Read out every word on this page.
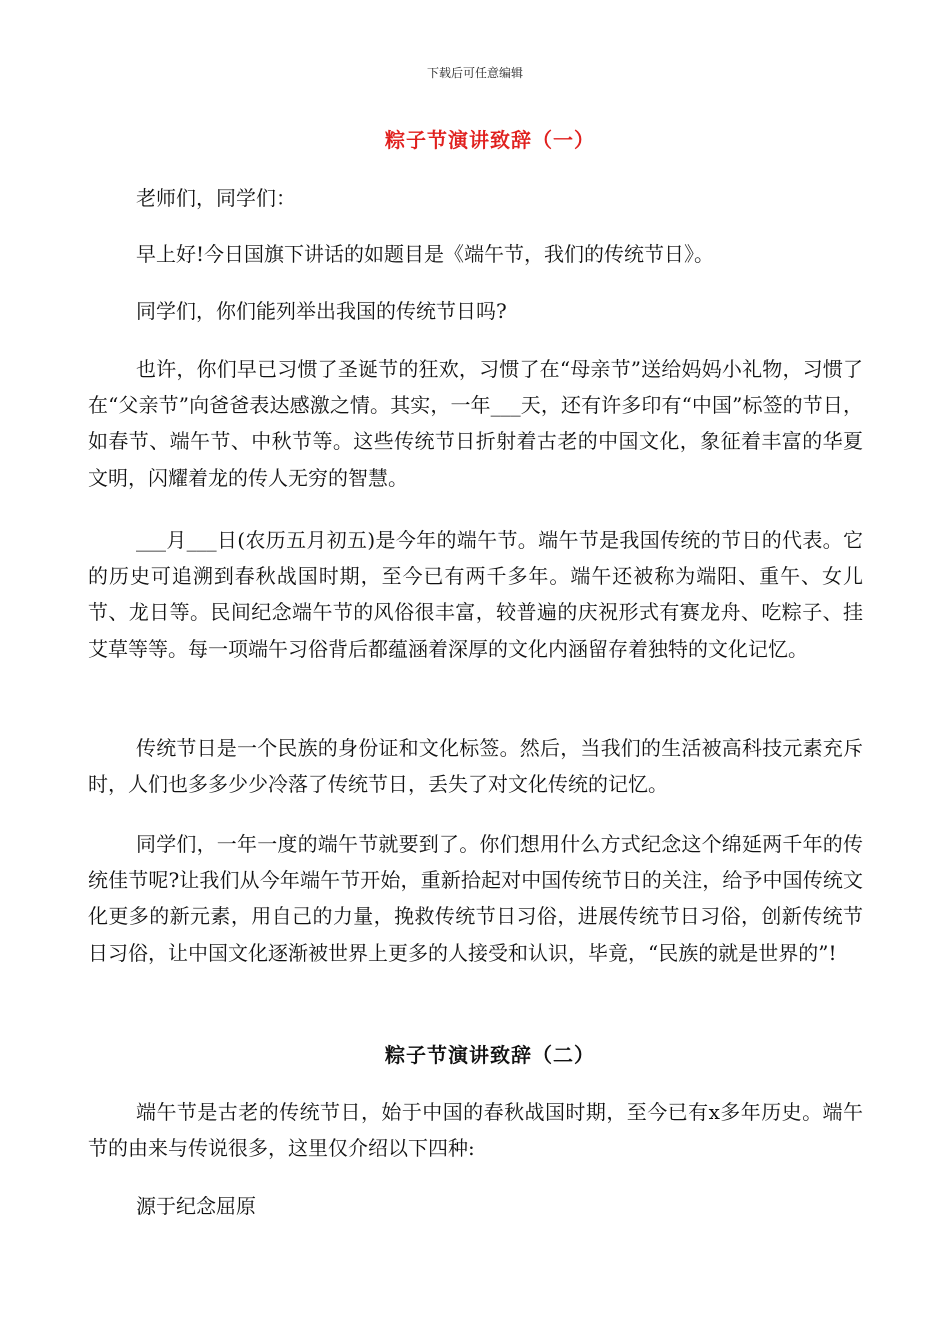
下载后可任意编辑
粽子节演讲致辞（一）

老师们，同学们：

早上好!今日国旗下讲话的如题目是《端午节，我们的传统节日》。

同学们，你们能列举出我国的传统节日吗?

也许，你们早已习惯了圣诞节的狂欢，习惯了在“母亲节”送给妈妈小礼物，习惯了在“父亲节”向爸爸表达感激之情。其实，一年___天，还有许多印有“中国”标签的节日，如春节、端午节、中秋节等。这些传统节日折射着古老的中国文化，象征着丰富的华夏文明，闪耀着龙的传人无穷的智慧。

___月___日(农历五月初五)是今年的端午节。端午节是我国传统的节日的代表。它的历史可追溯到春秋战国时期，至今已有两千多年。端午还被称为端阳、重午、女儿节、龙日等。民间纪念端午节的风俗很丰富，较普遍的庆祝形式有赛龙舟、吃粽子、挂艾草等等。每一项端午习俗背后都蕴涵着深厚的文化内涵留存着独特的文化记忆。

传统节日是一个民族的身份证和文化标签。然后，当我们的生活被高科技元素充斥时，人们也多多少少冷落了传统节日，丢失了对文化传统的记忆。

同学们，一年一度的端午节就要到了。你们想用什么方式纪念这个绵延两千年的传统佳节呢?让我们从今年端午节开始，重新拾起对中国传统节日的关注，给予中国传统文化更多的新元素，用自己的力量，挽救传统节日习俗，进展传统节日习俗，创新传统节日习俗，让中国文化逐渐被世界上更多的人接受和认识，毕竟，“民族的就是世界的”!

粽子节演讲致辞（二）

端午节是古老的传统节日，始于中国的春秋战国时期，至今已有x多年历史。端午节的由来与传说很多，这里仅介绍以下四种:

源于纪念屈原
